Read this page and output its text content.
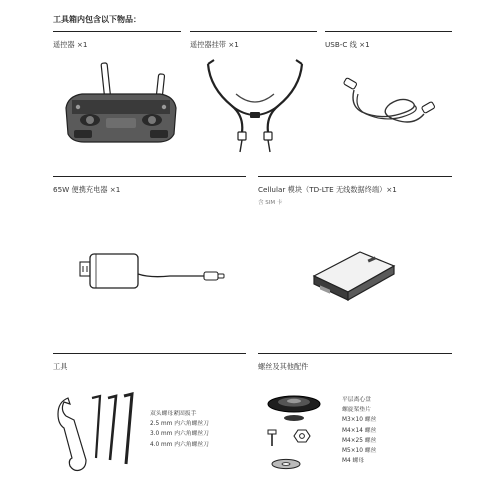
工具箱内包含以下物品：
遥控器 ×1	遥控器挂带 ×1	USB-C 线 ×1
65W 便携充电器 ×1	Cellular 模块（TD-LTE 无线数据终端）×1
含 SIM 卡
工具	螺丝及其他配件
双头螺母紧固扳手
2.5 mm 内六角螺丝刀
3.0 mm 内六角螺丝刀
4.0 mm 内六角螺丝刀
平层离心盘
螺旋桨垫片
M3×10 螺丝
M4×14 螺丝
M4×25 螺丝
M5×10 螺丝
M4 螺母
